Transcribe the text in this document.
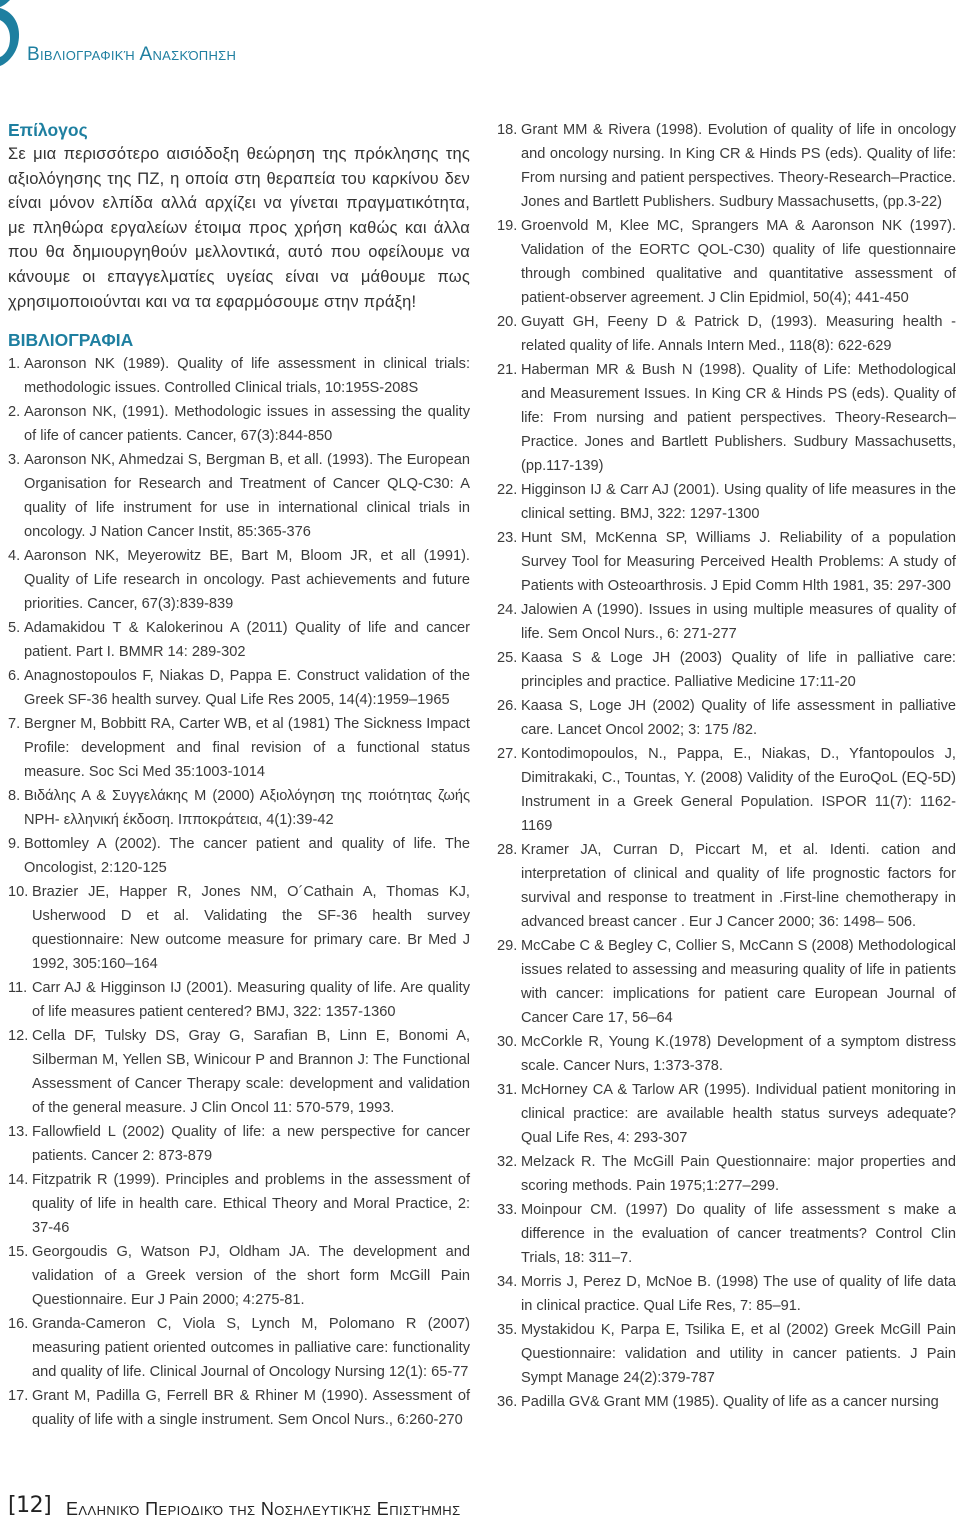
Βιβλιογραφική Ανασκόπηση
Επίλογος

Σε μια περισσότερο αισιόδοξη θεώρηση της πρόκλησης της αξιολόγησης της ΠΖ, η οποία στη θεραπεία του καρκίνου δεν είναι μόνον ελπίδα αλλά αρχίζει να γίνεται πραγματικότητα, με πληθώρα εργαλείων έτοιμα προς χρήση καθώς και άλλα που θα δημιουργηθούν μελλοντικά, αυτό που οφείλουμε να κάνουμε οι επαγγελματίες υγείας είναι να μάθουμε πως χρησιμοποιούνται και να τα εφαρμόσουμε στην πράξη!

ΒΙΒΛΙΟΓΡΑΦΙΑ
1. Aaronson NK (1989). Quality of life assessment in clinical trials: methodologic issues. Controlled Clinical trials, 10:195S-208S
2. Aaronson NK, (1991). Methodologic issues in assessing the quality of life of cancer patients. Cancer, 67(3):844-850
3. Aaronson NK, Ahmedzai S, Bergman B, et all. (1993). The European Organisation for Research and Treatment of Cancer QLQ-C30: A quality of life instrument for use in international clinical trials in oncology. J Nation Cancer Instit, 85:365-376
4. Aaronson NK, Meyerowitz BE, Bart M, Bloom JR, et all (1991). Quality of Life research in oncology. Past achievements and future priorities. Cancer, 67(3):839-839
5. Adamakidou T & Kalokerinou A (2011) Quality of life and cancer patient. Part I. BMMR 14: 289-302
6. Anagnostopoulos F, Niakas D, Pappa E. Construct validation of the Greek SF-36 health survey. Qual Life Res 2005, 14(4):1959–1965
7. Bergner M, Bobbitt RA, Carter WB, et al (1981) The Sickness Impact Profile: development and final revision of a functional status measure. Soc Sci Med 35:1003-1014
8. Βιδάλης Α & Συγγελάκης Μ (2000) Αξιολόγηση της ποιότητας ζωής ΝΡΗ- ελληνική έκδοση. Ιπποκράτεια, 4(1):39-42
9. Bottomley A (2002). The cancer patient and quality of life. The Oncologist, 2:120-125
10. Brazier JE, Happer R, Jones NM, O´Cathain A, Thomas KJ, Usherwood D et al. Validating the SF-36 health survey questionnaire: New outcome measure for primary care. Br Med J 1992, 305:160–164
11. Carr AJ & Higginson IJ (2001). Measuring quality of life. Are quality of life measures patient centered? BMJ, 322: 1357-1360
12. Cella DF, Tulsky DS, Gray G, Sarafian B, Linn E, Bonomi A, Silberman M, Yellen SB, Winicour P and Brannon J: The Functional Assessment of Cancer Therapy scale: development and validation of the general measure. J Clin Oncol 11: 570-579, 1993.
13. Fallowfield L (2002) Quality of life: a new perspective for cancer patients. Cancer 2: 873-879
14. Fitzpatrik R (1999). Principles and problems in the assessment of quality of life in health care. Ethical Theory and Moral Practice, 2: 37-46
15. Georgoudis G, Watson PJ, Oldham JA. The development and validation of a Greek version of the short form McGill Pain Questionnaire. Eur J Pain 2000; 4:275-81.
16. Granda-Cameron C, Viola S, Lynch M, Polomano R (2007) measuring patient oriented outcomes in palliative care: functionality and quality of life. Clinical Journal of Oncology Nursing 12(1): 65-77
17. Grant M, Padilla G, Ferrell BR & Rhiner M (1990). Assessment of quality of life with a single instrument. Sem Oncol Nurs., 6:260-270
18. Grant MM & Rivera (1998). Evolution of quality of life in oncology and oncology nursing. In King CR & Hinds PS (eds). Quality of life: From nursing and patient perspectives. Theory-Research–Practice. Jones and Bartlett Publishers. Sudbury Massachusetts, (pp.3-22)
19. Groenvold M, Klee MC, Sprangers MA & Aaronson NK (1997). Validation of the EORTC QOL-C30) quality of life questionnaire through combined qualitative and quantitative assessment of patient-observer agreement. J Clin Epidmiol, 50(4); 441-450
20. Guyatt GH, Feeny D & Patrick D, (1993). Measuring health - related quality of life. Annals Intern Med., 118(8): 622-629
21. Haberman MR & Bush N (1998). Quality of Life: Methodological and Measurement Issues. In King CR & Hinds PS (eds). Quality of life: From nursing and patient perspectives. Theory-Research–Practice. Jones and Bartlett Publishers. Sudbury Massachusetts, (pp.117-139)
22. Higginson IJ & Carr AJ (2001). Using quality of life measures in the clinical setting. BMJ, 322: 1297-1300
23. Hunt SM, McKenna SP, Williams J. Reliability of a population Survey Tool for Measuring Perceived Health Problems: A study of Patients with Osteoarthrosis. J Epid Comm Hlth 1981, 35: 297-300
24. Jalowien A (1990). Issues in using multiple measures of quality of life. Sem Oncol Nurs., 6: 271-277
25. Kaasa S & Loge JH (2003) Quality of life in palliative care: principles and practice. Palliative Medicine 17:11-20
26. Kaasa S, Loge JH (2002) Quality of life assessment in palliative care. Lancet Oncol 2002; 3: 175 /82.
27. Kontodimopoulos, N., Pappa, E., Niakas, D., Yfantopoulos J, Dimitrakaki, C., Tountas, Y. (2008) Validity of the EuroQoL (EQ-5D) Instrument in a Greek General Population. ISPOR 11(7): 1162-1169
28. Kramer JA, Curran D, Piccart M, et al. Identi. cation and interpretation of clinical and quality of life prognostic factors for survival and response to treatment in .First-line chemotherapy in advanced breast cancer . Eur J Cancer 2000; 36: 1498– 506.
29. McCabe C & Begley C, Collier S, McCann S (2008) Methodological issues related to assessing and measuring quality of life in patients with cancer: implications for patient care European Journal of Cancer Care 17, 56–64
30. McCorkle R, Young K.(1978) Development of a symptom distress scale. Cancer Nurs, 1:373-378.
31. McHorney CA & Tarlow AR (1995). Individual patient monitoring in clinical practice: are available health status surveys adequate? Qual Life Res, 4: 293-307
32. Melzack R. The McGill Pain Questionnaire: major properties and scoring methods. Pain 1975;1:277–299.
33. Moinpour CM. (1997) Do quality of life assessment s make a difference in the evaluation of cancer treatments? Control Clin Trials, 18: 311–7.
34. Morris J, Perez D, McNoe B. (1998) The use of quality of life data in clinical practice. Qual Life Res, 7: 85–91.
35. Mystakidou K, Parpa E, Tsilika E, et al (2002) Greek McGill Pain Questionnaire: validation and utility in cancer patients. J Pain Sympt Manage 24(2):379-787
36. Padilla GV& Grant MM (1985). Quality of life as a cancer nursing
[12] Ελληνικό Περιοδικό της Νοσηλευτικής Επιστήμης
